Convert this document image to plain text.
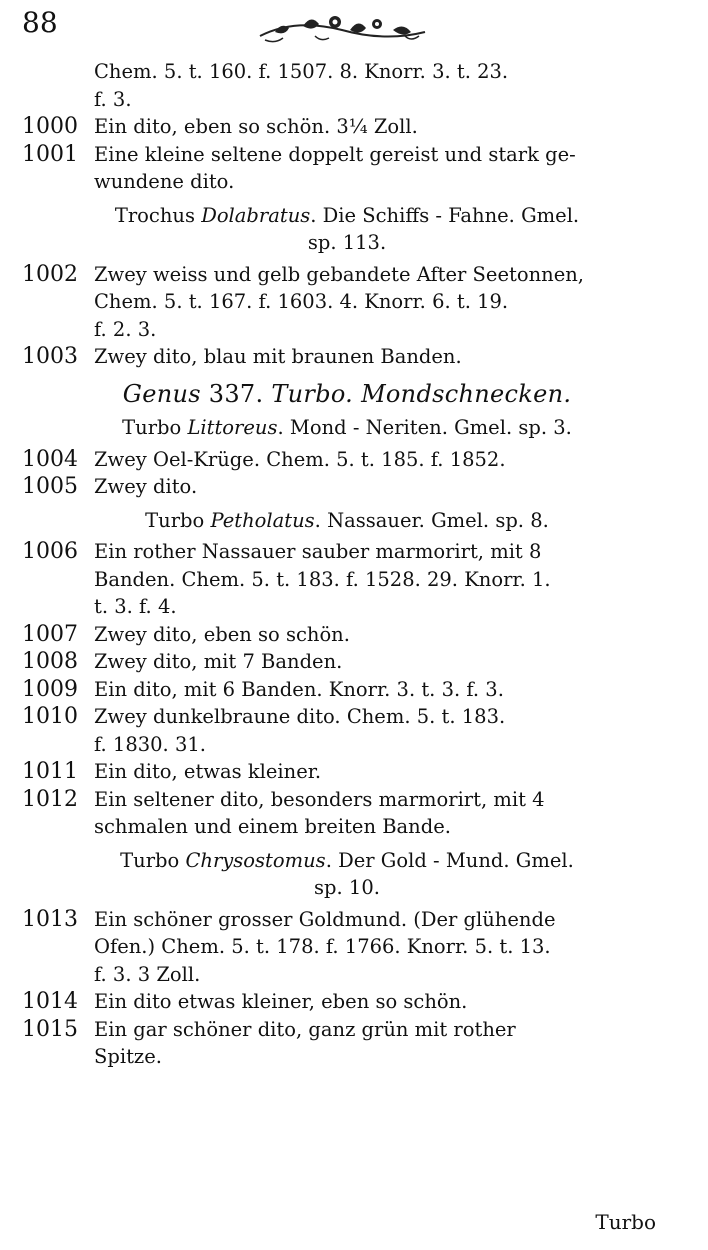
88
Chem. 5. t. 160. f. 1507. 8. Knorr. 3. t. 23.
f. 3.
1000 Ein dito, eben so schön. 3¼ Zoll.
1001 Eine kleine seltene doppelt gereist und stark ge-
wundene dito.
Trochus Dolabratus. Die Schiffs - Fahne. Gmel.
sp. 113.
1002 Zwey weiss und gelb gebandete After Seetonnen,
Chem. 5. t. 167. f. 1603. 4. Knorr. 6. t. 19.
f. 2. 3.
1003 Zwey dito, blau mit braunen Banden.
Genus 337. Turbo. Mondschnecken.
Turbo Littoreus. Mond - Neriten. Gmel. sp. 3.
1004 Zwey Oel-Krüge. Chem. 5. t. 185. f. 1852.
1005 Zwey dito.
Turbo Petholatus. Nassauer. Gmel. sp. 8.
1006 Ein rother Nassauer sauber marmorirt, mit 8
Banden. Chem. 5. t. 183. f. 1528. 29. Knorr. 1.
t. 3. f. 4.
1007 Zwey dito, eben so schön.
1008 Zwey dito, mit 7 Banden.
1009 Ein dito, mit 6 Banden. Knorr. 3. t. 3. f. 3.
1010 Zwey dunkelbraune dito. Chem. 5. t. 183.
f. 1830. 31.
1011 Ein dito, etwas kleiner.
1012 Ein seltener dito, besonders marmorirt, mit 4
schmalen und einem breiten Bande.
Turbo Chrysostomus. Der Gold - Mund. Gmel.
sp. 10.
1013 Ein schöner grosser Goldmund. (Der glühende
Ofen.) Chem. 5. t. 178. f. 1766. Knorr. 5. t. 13.
f. 3. 3 Zoll.
1014 Ein dito etwas kleiner, eben so schön.
1015 Ein gar schöner dito, ganz grün mit rother
Spitze.
Turbo
